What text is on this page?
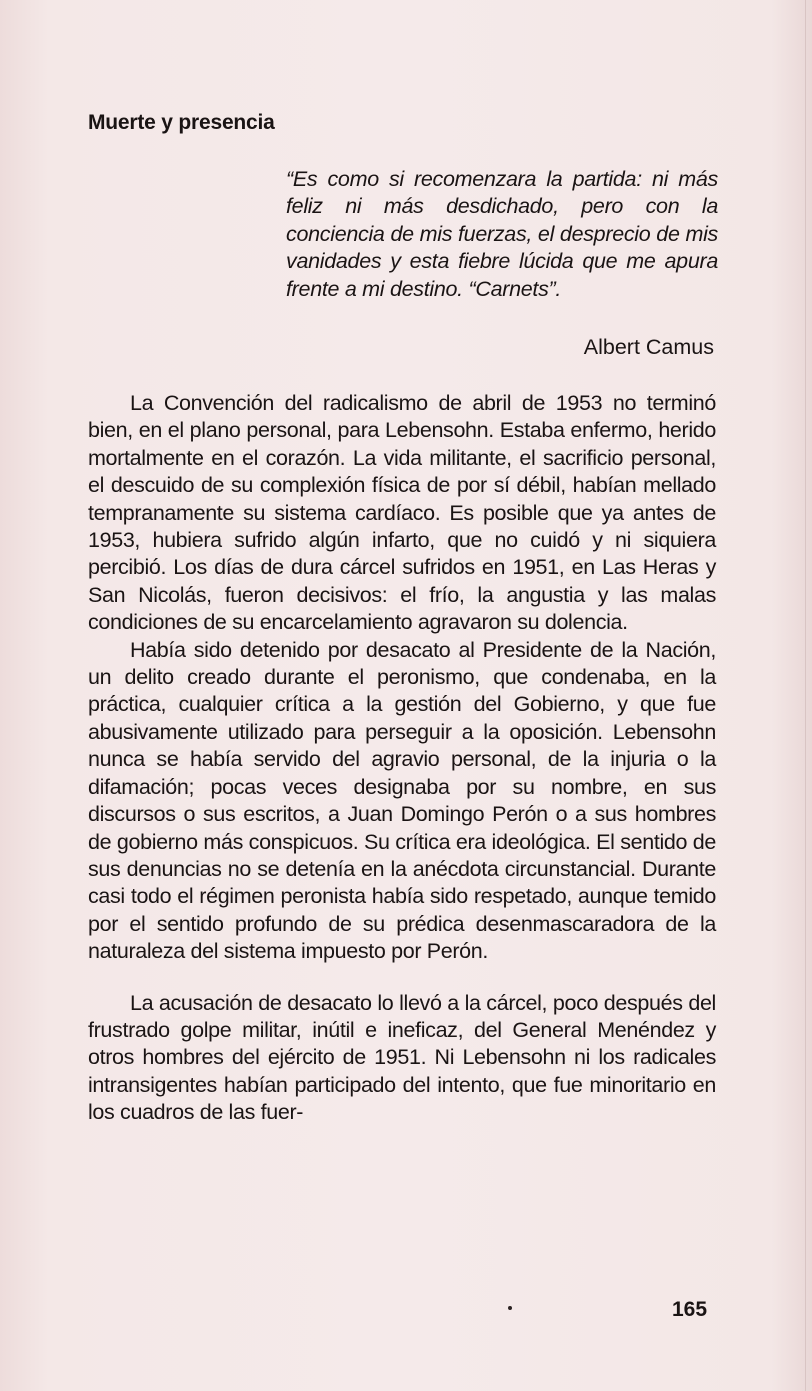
Muerte y presencia
“Es como si recomenzara la partida: ni más feliz ni más desdichado, pero con la conciencia de mis fuerzas, el desprecio de mis vanidades y esta fiebre lúcida que me apura frente a mi destino. “Carnets”.
Albert Camus

La Convención del radicalismo de abril de 1953 no terminó bien, en el plano personal, para Lebensohn. Estaba enfermo, herido mortalmente en el corazón. La vida militante, el sacrificio personal, el descuido de su complexión física de por sí débil, habían mellado tempranamente su sistema cardíaco. Es posible que ya antes de 1953, hubiera sufrido algún infarto, que no cuidó y ni siquiera percibió. Los días de dura cárcel sufridos en 1951, en Las Heras y San Nicolás, fueron decisivos: el frío, la angustia y las malas condiciones de su encarcelamiento agravaron su dolencia.

Había sido detenido por desacato al Presidente de la Nación, un delito creado durante el peronismo, que condenaba, en la práctica, cualquier crítica a la gestión del Gobierno, y que fue abusivamente utilizado para perseguir a la oposición. Lebensohn nunca se había servido del agravio personal, de la injuria o la difamación; pocas veces designaba por su nombre, en sus discursos o sus escritos, a Juan Domingo Perón o a sus hombres de gobierno más conspicuos. Su crítica era ideológica. El sentido de sus denuncias no se detenía en la anécdota circunstancial. Durante casi todo el régimen peronista había sido respetado, aunque temido por el sentido profundo de su prédica desenmascaradora de la naturaleza del sistema impuesto por Perón.

La acusación de desacato lo llevó a la cárcel, poco después del frustrado golpe militar, inútil e ineficaz, del General Menéndez y otros hombres del ejército de 1951. Ni Lebensohn ni los radicales intransigentes habían participado del intento, que fue minoritario en los cuadros de las fuer-

165
